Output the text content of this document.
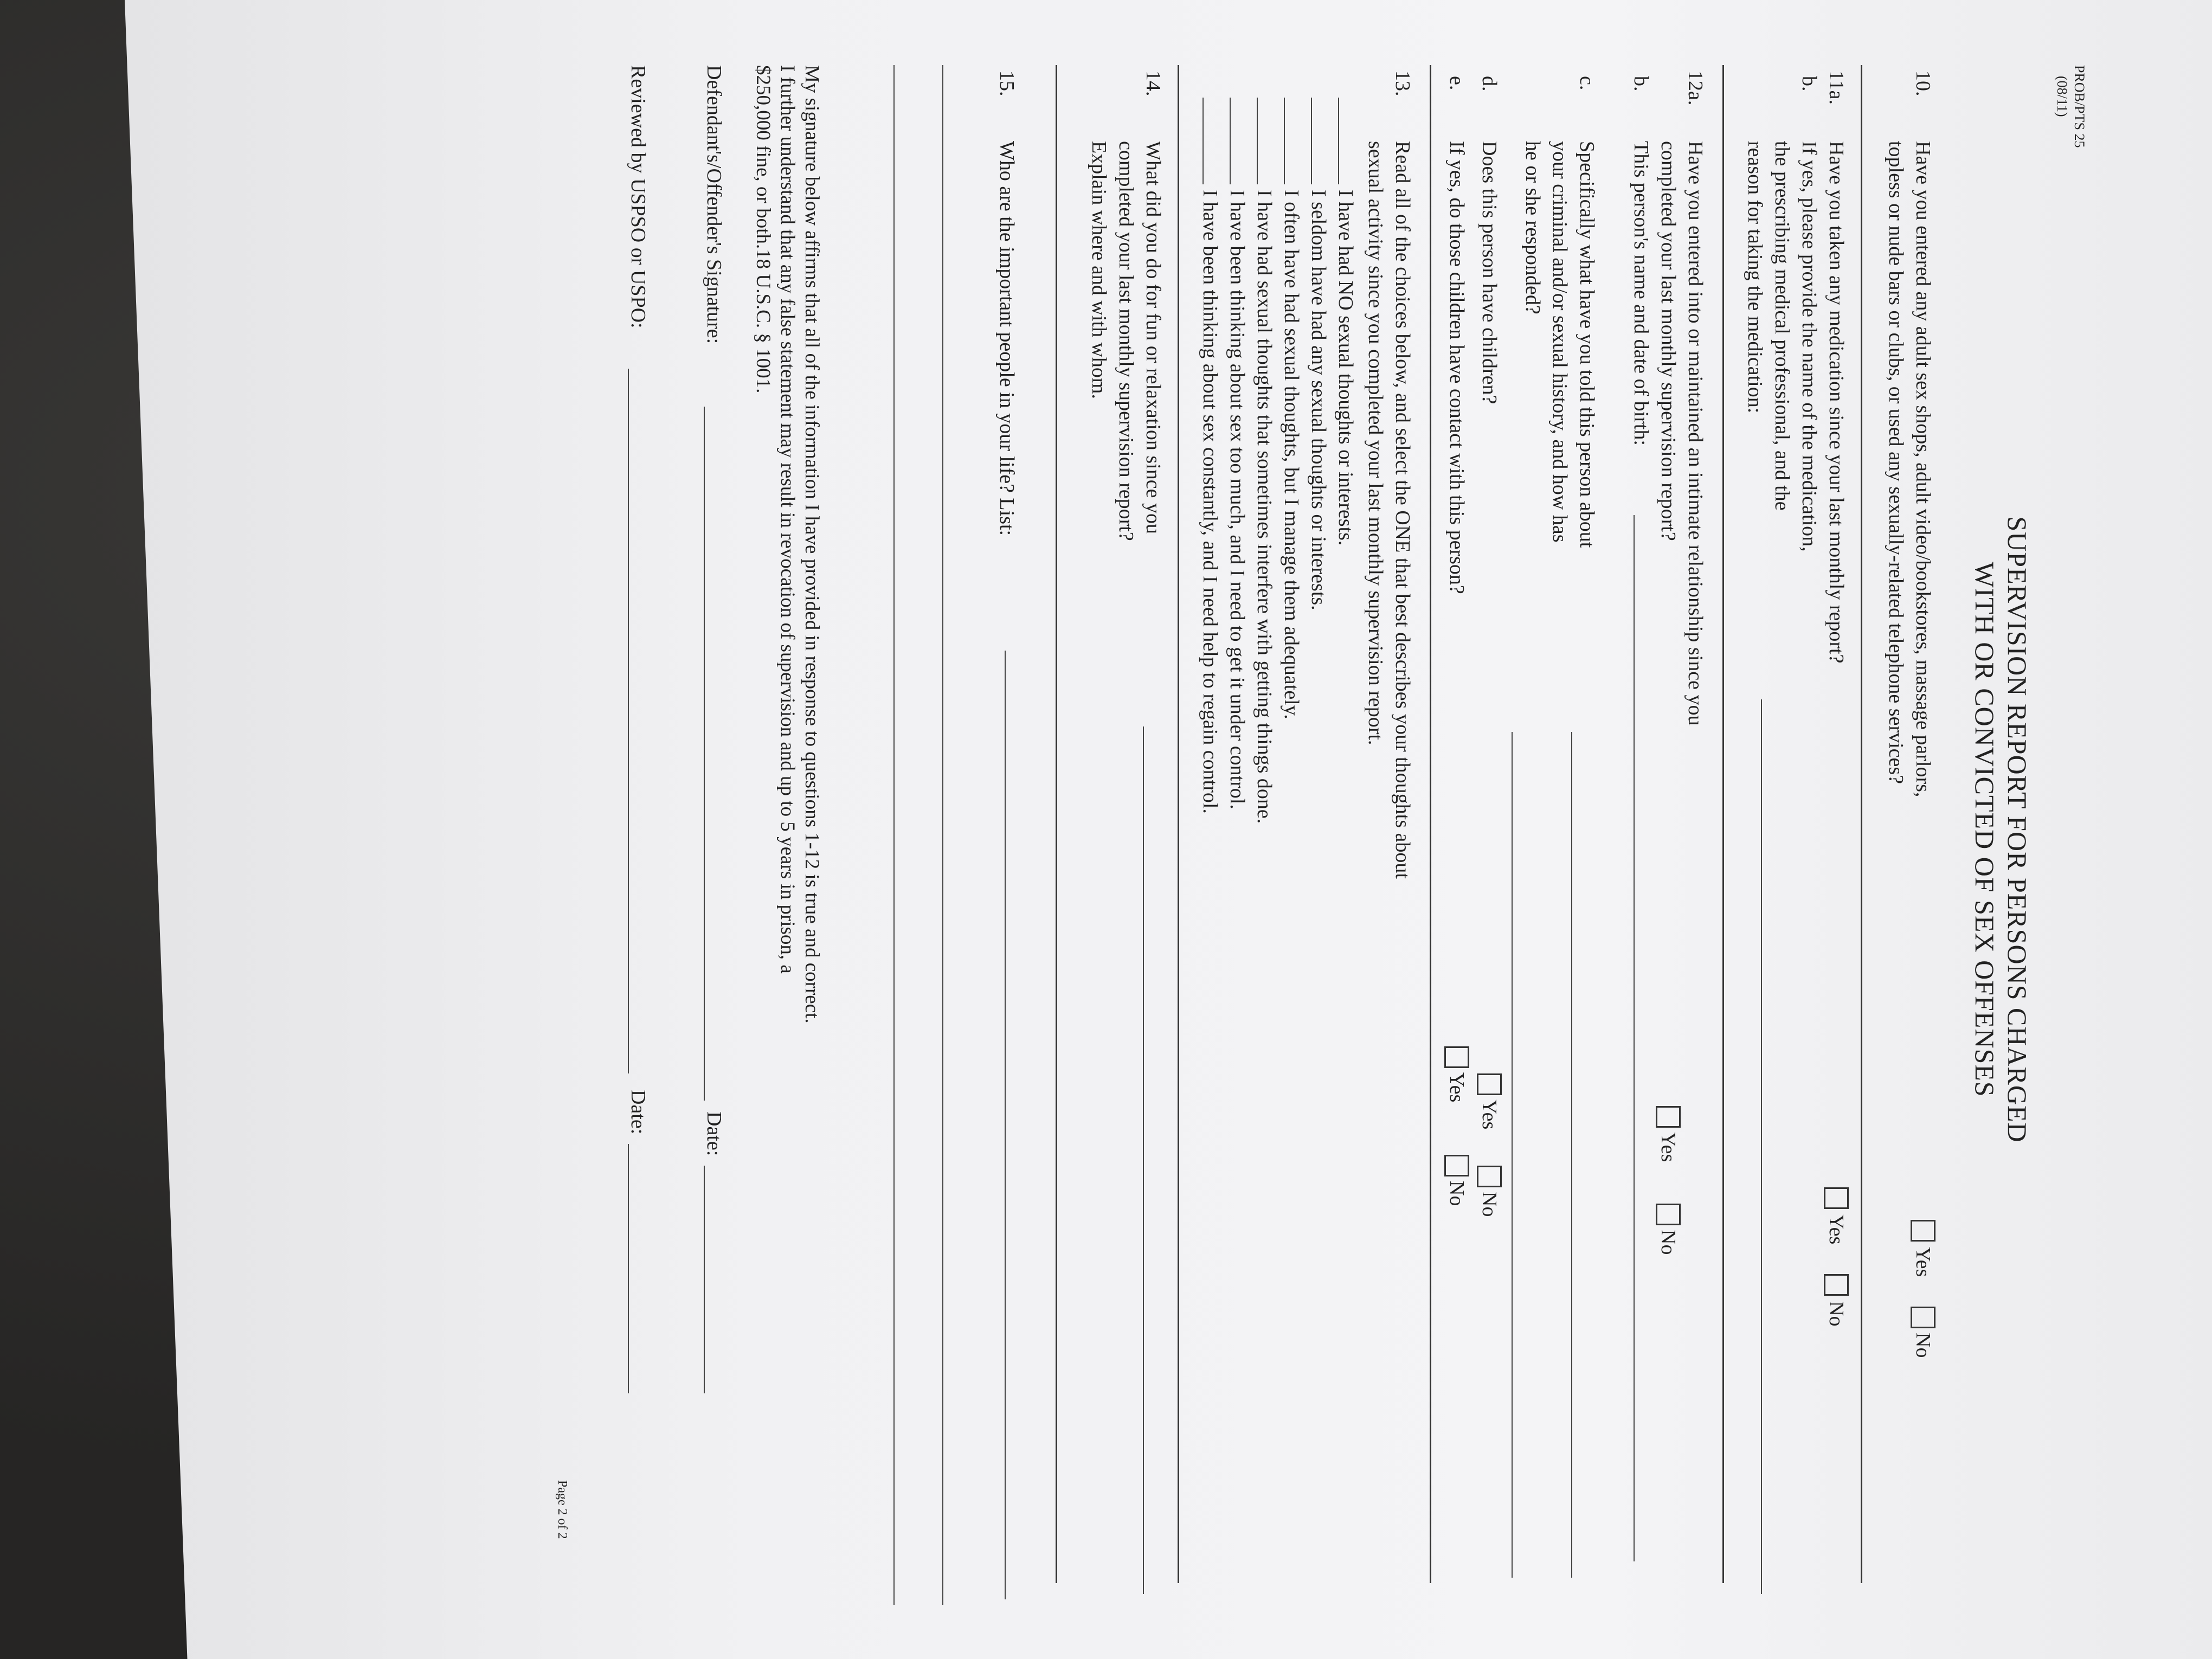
PROB/PTS 25
(08/11)
SUPERVISION REPORT FOR PERSONS CHARGED
WITH OR CONVICTED OF SEX OFFENSES
10.
Have you entered any adult sex shops, adult video/bookstores, massage parlors,
topless or nude bars or clubs, or used any sexually-related telephone services?
Yes
No
11a.
Have you taken any medication since your last monthly report?
Yes
No
b.
If yes, please provide the name of the medication,
the prescribing medical professional, and the
reason for taking the medication:
12a.
Have you entered into or maintained an intimate relationship since you
completed your last monthly supervision report?
Yes
No
b.
This person's name and date of birth:
c.
Specifically what have you told this person about
your criminal and/or sexual history, and how has
he or she responded?
d.
Does this person have children?
Yes
No
e.
If yes, do those children have contact with this person?
Yes
No
13.
Read all of the choices below, and select the ONE that best describes your thoughts about
sexual activity since you completed your last monthly supervision report.
I have had NO sexual thoughts or interests.
I seldom have had any sexual thoughts or interests.
I often have had sexual thoughts, but I manage them adequately.
I have had sexual thoughts that sometimes interfere with getting things done.
I have been thinking about sex too much, and I need to get it under control.
I have been thinking about sex constantly, and I need help to regain control.
14.
What did you do for fun or relaxation since you
completed your last monthly supervision report?
Explain where and with whom.
15.
Who are the important people in your life? List:
My signature below affirms that all of the information I have provided in response to questions 1-12 is true and correct.
I further understand that any false statement may result in revocation of supervision and up to 5 years in prison, a
$250,000 fine, or both.18 U.S.C. § 1001.
Defendant's/Offender's Signature:
Date:
Reviewed by USPSO or USPO:
Date:
Page 2 of 2
